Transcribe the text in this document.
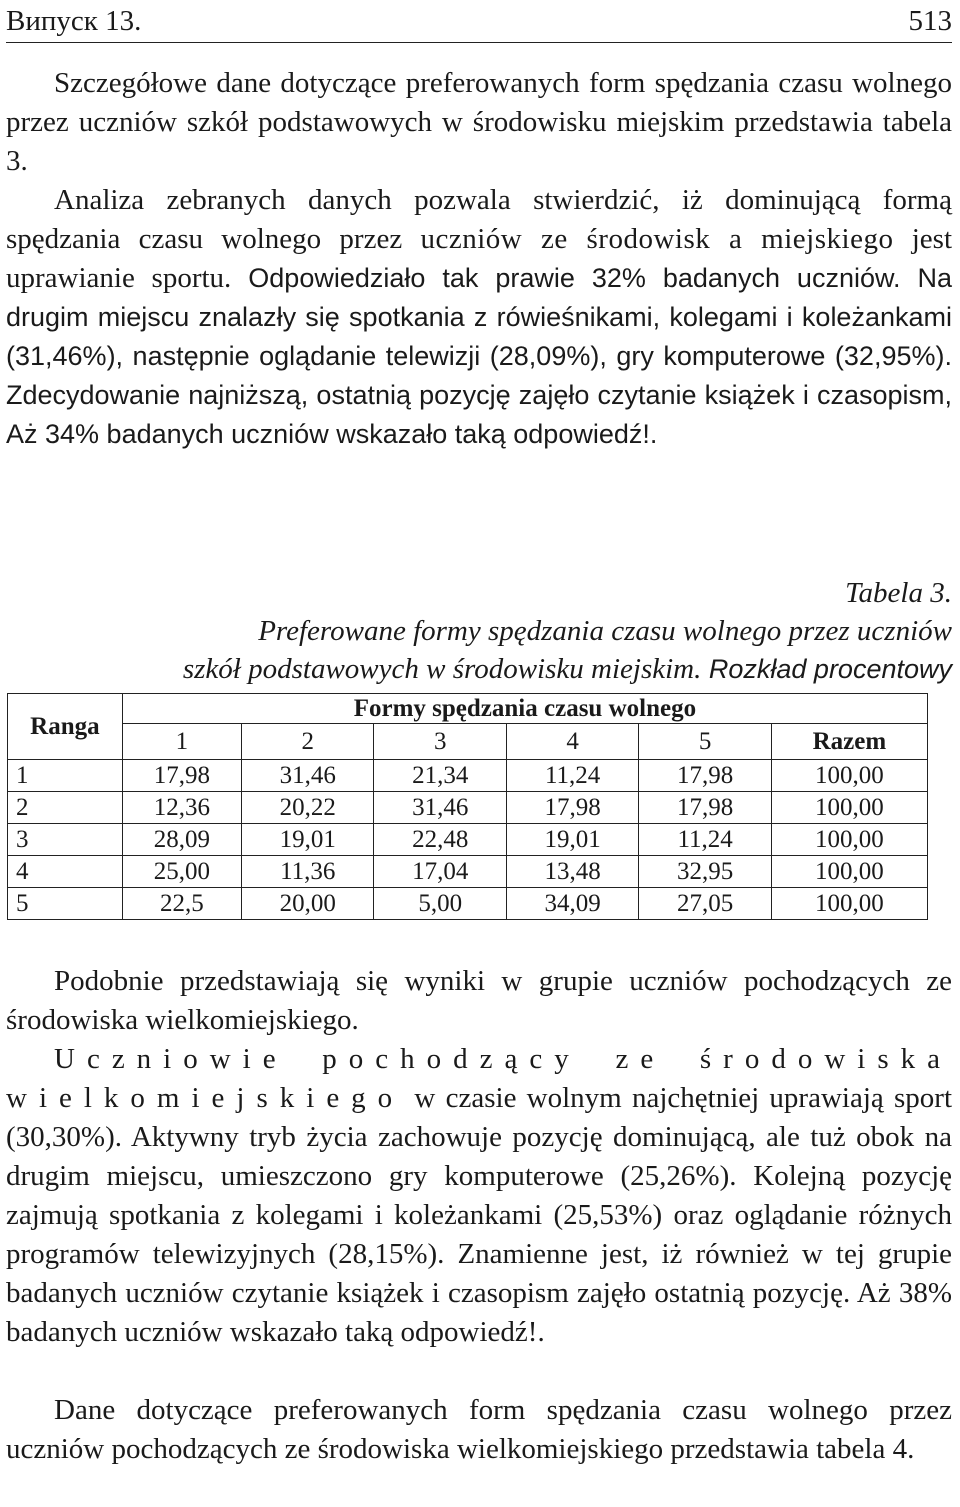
Випуск 13.	513

Szczegółowe dane dotyczące preferowanych form spędzania czasu wolnego przez uczniów szkół podstawowych w środowisku miejskim przedstawia tabela 3.

Analiza zebranych danych pozwala stwierdzić, iż dominującą formą spędzania czasu wolnego przez uczniów ze środowisk a miejskiego jest uprawianie sportu. Odpowiedziało tak prawie 32% badanych uczniów. Na drugim miejscu znalazły się spotkania z rówieśnikami, kolegami i koleżankami (31,46%), następnie oglądanie telewizji (28,09%), gry komputerowe (32,95%). Zdecydowanie najniższą, ostatnią pozycję zajęło czytanie książek i czasopism, Aż 34% badanych uczniów wskazało taką odpowiedź!.

Tabela 3.
Preferowane formy spędzania czasu wolnego przez uczniów
szkół podstawowych w środowisku miejskim. Rozkład procentowy
Ranga	Formy spędzania czasu wolnego					
	1	2	3	4	5	Razem
1	17,98	31,46	21,34	11,24	17,98	100,00
2	12,36	20,22	31,46	17,98	17,98	100,00
3	28,09	19,01	22,48	19,01	11,24	100,00
4	25,00	11,36	17,04	13,48	32,95	100,00
5	22,5	20,00	5,00	34,09	27,05	100,00

Podobnie przedstawiają się wyniki w grupie uczniów pochodzących ze środowiska wielkomiejskiego.

Uczniowie pochodzący ze środowiska wielkomiejskiego w czasie wolnym najchętniej uprawiają sport (30,30%). Aktywny tryb życia zachowuje pozycję dominującą, ale tuż obok na drugim miejscu, umieszczono gry komputerowe (25,26%). Kolejną pozycję zajmują spotkania z kolegami i koleżankami (25,53%) oraz oglądanie różnych programów telewizyjnych (28,15%). Znamienne jest, iż również w tej grupie badanych uczniów czytanie książek i czasopism zajęło ostatnią pozycję. Aż 38% badanych uczniów wskazało taką odpowiedź!.

Dane dotyczące preferowanych form spędzania czasu wolnego przez uczniów pochodzących ze środowiska wielkomiejskiego przedstawia tabela 4.
